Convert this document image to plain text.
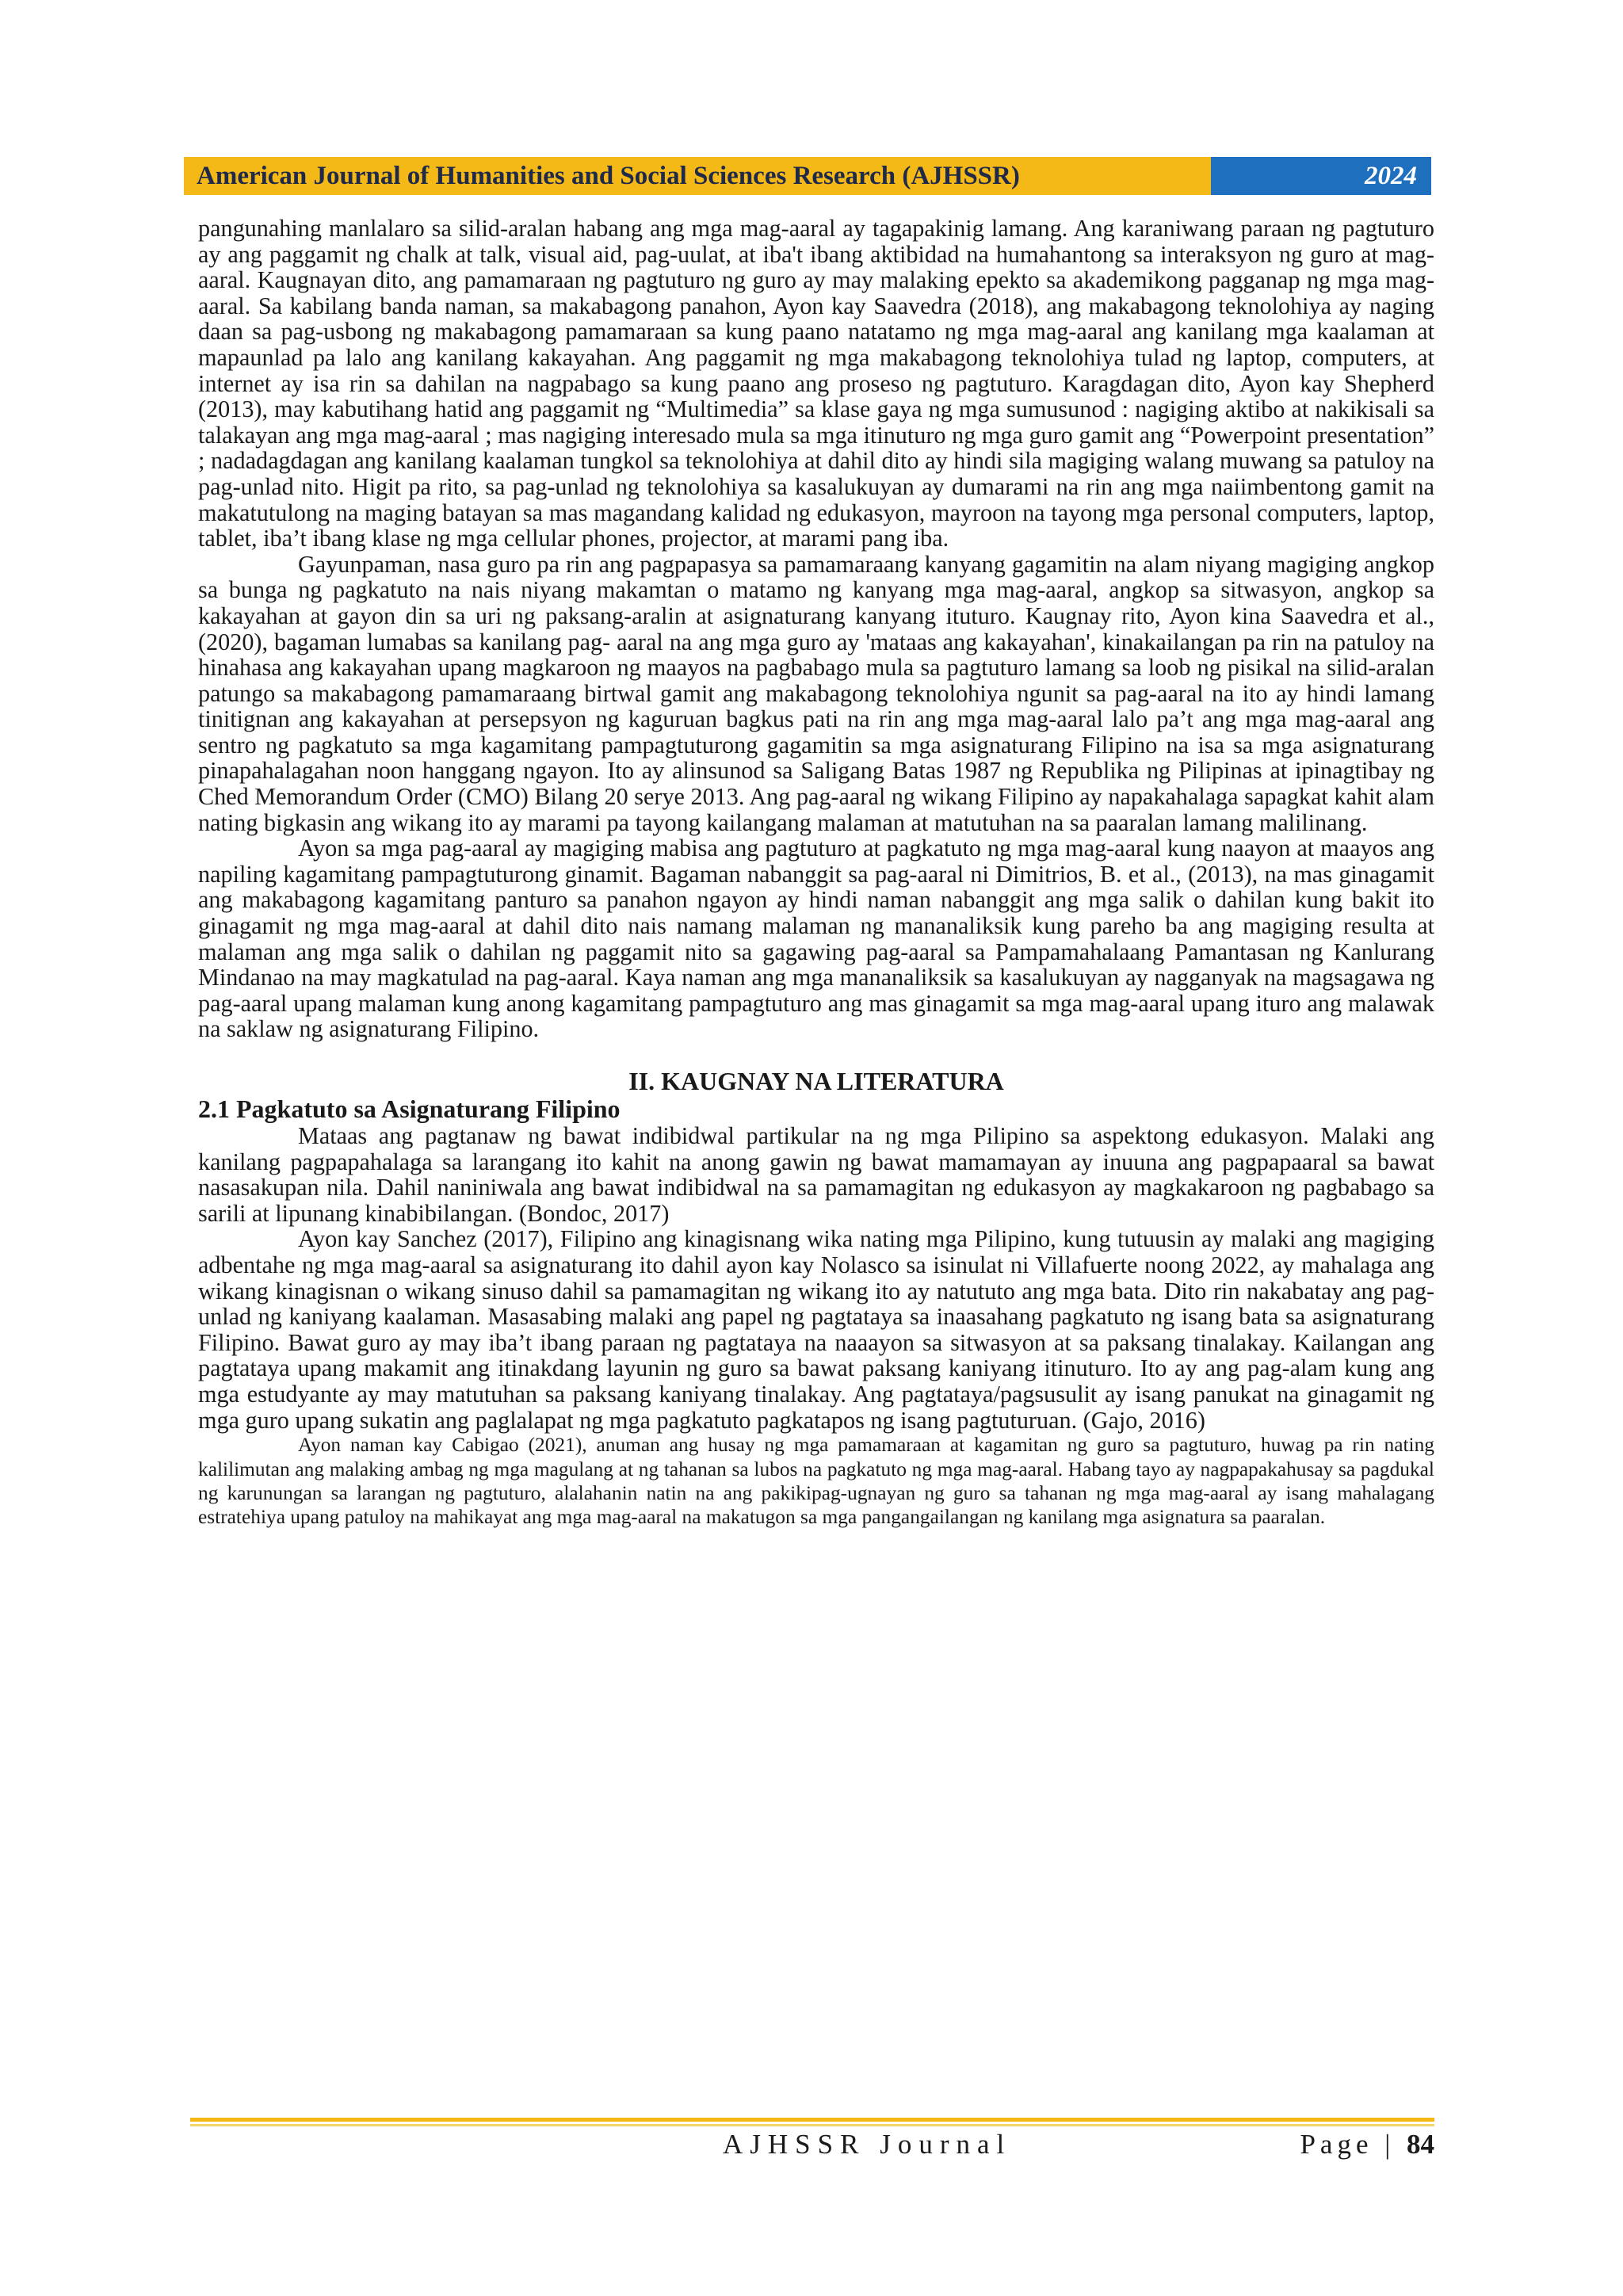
American Journal of Humanities and Social Sciences Research (AJHSSR)	2024

pangunahing manlalaro sa silid-aralan habang ang mga mag-aaral ay tagapakinig lamang. Ang karaniwang paraan ng pagtuturo ay ang paggamit ng chalk at talk, visual aid, pag-uulat, at iba't ibang aktibidad na humahantong sa interaksyon ng guro at mag-aaral. Kaugnayan dito, ang pamamaraan ng pagtuturo ng guro ay may malaking epekto sa akademikong pagganap ng mga mag-aaral. Sa kabilang banda naman, sa makabagong panahon, Ayon kay Saavedra (2018), ang makabagong teknolohiya ay naging daan sa pag-usbong ng makabagong pamamaraan sa kung paano natatamo ng mga mag-aaral ang kanilang mga kaalaman at mapaunlad pa lalo ang kanilang kakayahan. Ang paggamit ng mga makabagong teknolohiya tulad ng laptop, computers, at internet ay isa rin sa dahilan na nagpabago sa kung paano ang proseso ng pagtuturo. Karagdagan dito, Ayon kay Shepherd (2013), may kabutihang hatid ang paggamit ng “Multimedia” sa klase gaya ng mga sumusunod : nagiging aktibo at nakikisali sa talakayan ang mga mag-aaral ; mas nagiging interesado mula sa mga itinuturo ng mga guro gamit ang “Powerpoint presentation” ; nadadagdagan ang kanilang kaalaman tungkol sa teknolohiya at dahil dito ay hindi sila magiging walang muwang sa patuloy na pag-unlad nito. Higit pa rito, sa pag-unlad ng teknolohiya sa kasalukuyan ay dumarami na rin ang mga naiimbentong gamit na makatutulong na maging batayan sa mas magandang kalidad ng edukasyon, mayroon na tayong mga personal computers, laptop, tablet, iba’t ibang klase ng mga cellular phones, projector, at marami pang iba.

Gayunpaman, nasa guro pa rin ang pagpapasya sa pamamaraang kanyang gagamitin na alam niyang magiging angkop sa bunga ng pagkatuto na nais niyang makamtan o matamo ng kanyang mga mag-aaral, angkop sa sitwasyon, angkop sa kakayahan at gayon din sa uri ng paksang-aralin at asignaturang kanyang ituturo. Kaugnay rito, Ayon kina Saavedra et al., (2020), bagaman lumabas sa kanilang pag- aaral na ang mga guro ay 'mataas ang kakayahan', kinakailangan pa rin na patuloy na hinahasa ang kakayahan upang magkaroon ng maayos na pagbabago mula sa pagtuturo lamang sa loob ng pisikal na silid-aralan patungo sa makabagong pamamaraang birtwal gamit ang makabagong teknolohiya ngunit sa pag-aaral na ito ay hindi lamang tinitignan ang kakayahan at persepsyon ng kaguruan bagkus pati na rin ang mga mag-aaral lalo pa’t ang mga mag-aaral ang sentro ng pagkatuto sa mga kagamitang pampagtuturong gagamitin sa mga asignaturang Filipino na isa sa mga asignaturang pinapahalagahan noon hanggang ngayon. Ito ay alinsunod sa Saligang Batas 1987 ng Republika ng Pilipinas at ipinagtibay ng Ched Memorandum Order (CMO) Bilang 20 serye 2013. Ang pag-aaral ng wikang Filipino ay napakahalaga sapagkat kahit alam nating bigkasin ang wikang ito ay marami pa tayong kailangang malaman at matutuhan na sa paaralan lamang malilinang.

Ayon sa mga pag-aaral ay magiging mabisa ang pagtuturo at pagkatuto ng mga mag-aaral kung naayon at maayos ang napiling kagamitang pampagtuturong ginamit. Bagaman nabanggit sa pag-aaral ni Dimitrios, B. et al., (2013), na mas ginagamit ang makabagong kagamitang panturo sa panahon ngayon ay hindi naman nabanggit ang mga salik o dahilan kung bakit ito ginagamit ng mga mag-aaral at dahil dito nais namang malaman ng mananaliksik kung pareho ba ang magiging resulta at malaman ang mga salik o dahilan ng paggamit nito sa gagawing pag-aaral sa Pampamahalaang Pamantasan ng Kanlurang Mindanao na may magkatulad na pag-aaral. Kaya naman ang mga mananaliksik sa kasalukuyan ay nagganyak na magsagawa ng pag-aaral upang malaman kung anong kagamitang pampagtuturo ang mas ginagamit sa mga mag-aaral upang ituro ang malawak na saklaw ng asignaturang Filipino.

II. KAUGNAY NA LITERATURA
2.1 Pagkatuto sa Asignaturang Filipino

Mataas ang pagtanaw ng bawat indibidwal partikular na ng mga Pilipino sa aspektong edukasyon. Malaki ang kanilang pagpapahalaga sa larangang ito kahit na anong gawin ng bawat mamamayan ay inuuna ang pagpapaaral sa bawat nasasakupan nila. Dahil naniniwala ang bawat indibidwal na sa pamamagitan ng edukasyon ay magkakaroon ng pagbabago sa sarili at lipunang kinabibilangan. (Bondoc, 2017)

Ayon kay Sanchez (2017), Filipino ang kinagisnang wika nating mga Pilipino, kung tutuusin ay malaki ang magiging adbentahe ng mga mag-aaral sa asignaturang ito dahil ayon kay Nolasco sa isinulat ni Villafuerte noong 2022, ay mahalaga ang wikang kinagisnan o wikang sinuso dahil sa pamamagitan ng wikang ito ay natututo ang mga bata. Dito rin nakabatay ang pag-unlad ng kaniyang kaalaman. Masasabing malaki ang papel ng pagtataya sa inaasahang pagkatuto ng isang bata sa asignaturang Filipino. Bawat guro ay may iba’t ibang paraan ng pagtataya na naaayon sa sitwasyon at sa paksang tinalakay. Kailangan ang pagtataya upang makamit ang itinakdang layunin ng guro sa bawat paksang kaniyang itinuturo. Ito ay ang pag-alam kung ang mga estudyante ay may matutuhan sa paksang kaniyang tinalakay. Ang pagtataya/pagsusulit ay isang panukat na ginagamit ng mga guro upang sukatin ang paglalapat ng mga pagkatuto pagkatapos ng isang pagtuturuan. (Gajo, 2016)

Ayon naman kay Cabigao (2021), anuman ang husay ng mga pamamaraan at kagamitan ng guro sa pagtuturo, huwag pa rin nating kalilimutan ang malaking ambag ng mga magulang at ng tahanan sa lubos na pagkatuto ng mga mag-aaral. Habang tayo ay nagpapakahusay sa pagdukal ng karunungan sa larangan ng pagtuturo, alalahanin natin na ang pakikipag-ugnayan ng guro sa tahanan ng mga mag-aaral ay isang mahalagang estratehiya upang patuloy na mahikayat ang mga mag-aaral na makatugon sa mga pangangailangan ng kanilang mga asignatura sa paaralan.

AJHSSR Journal	Page | 84
